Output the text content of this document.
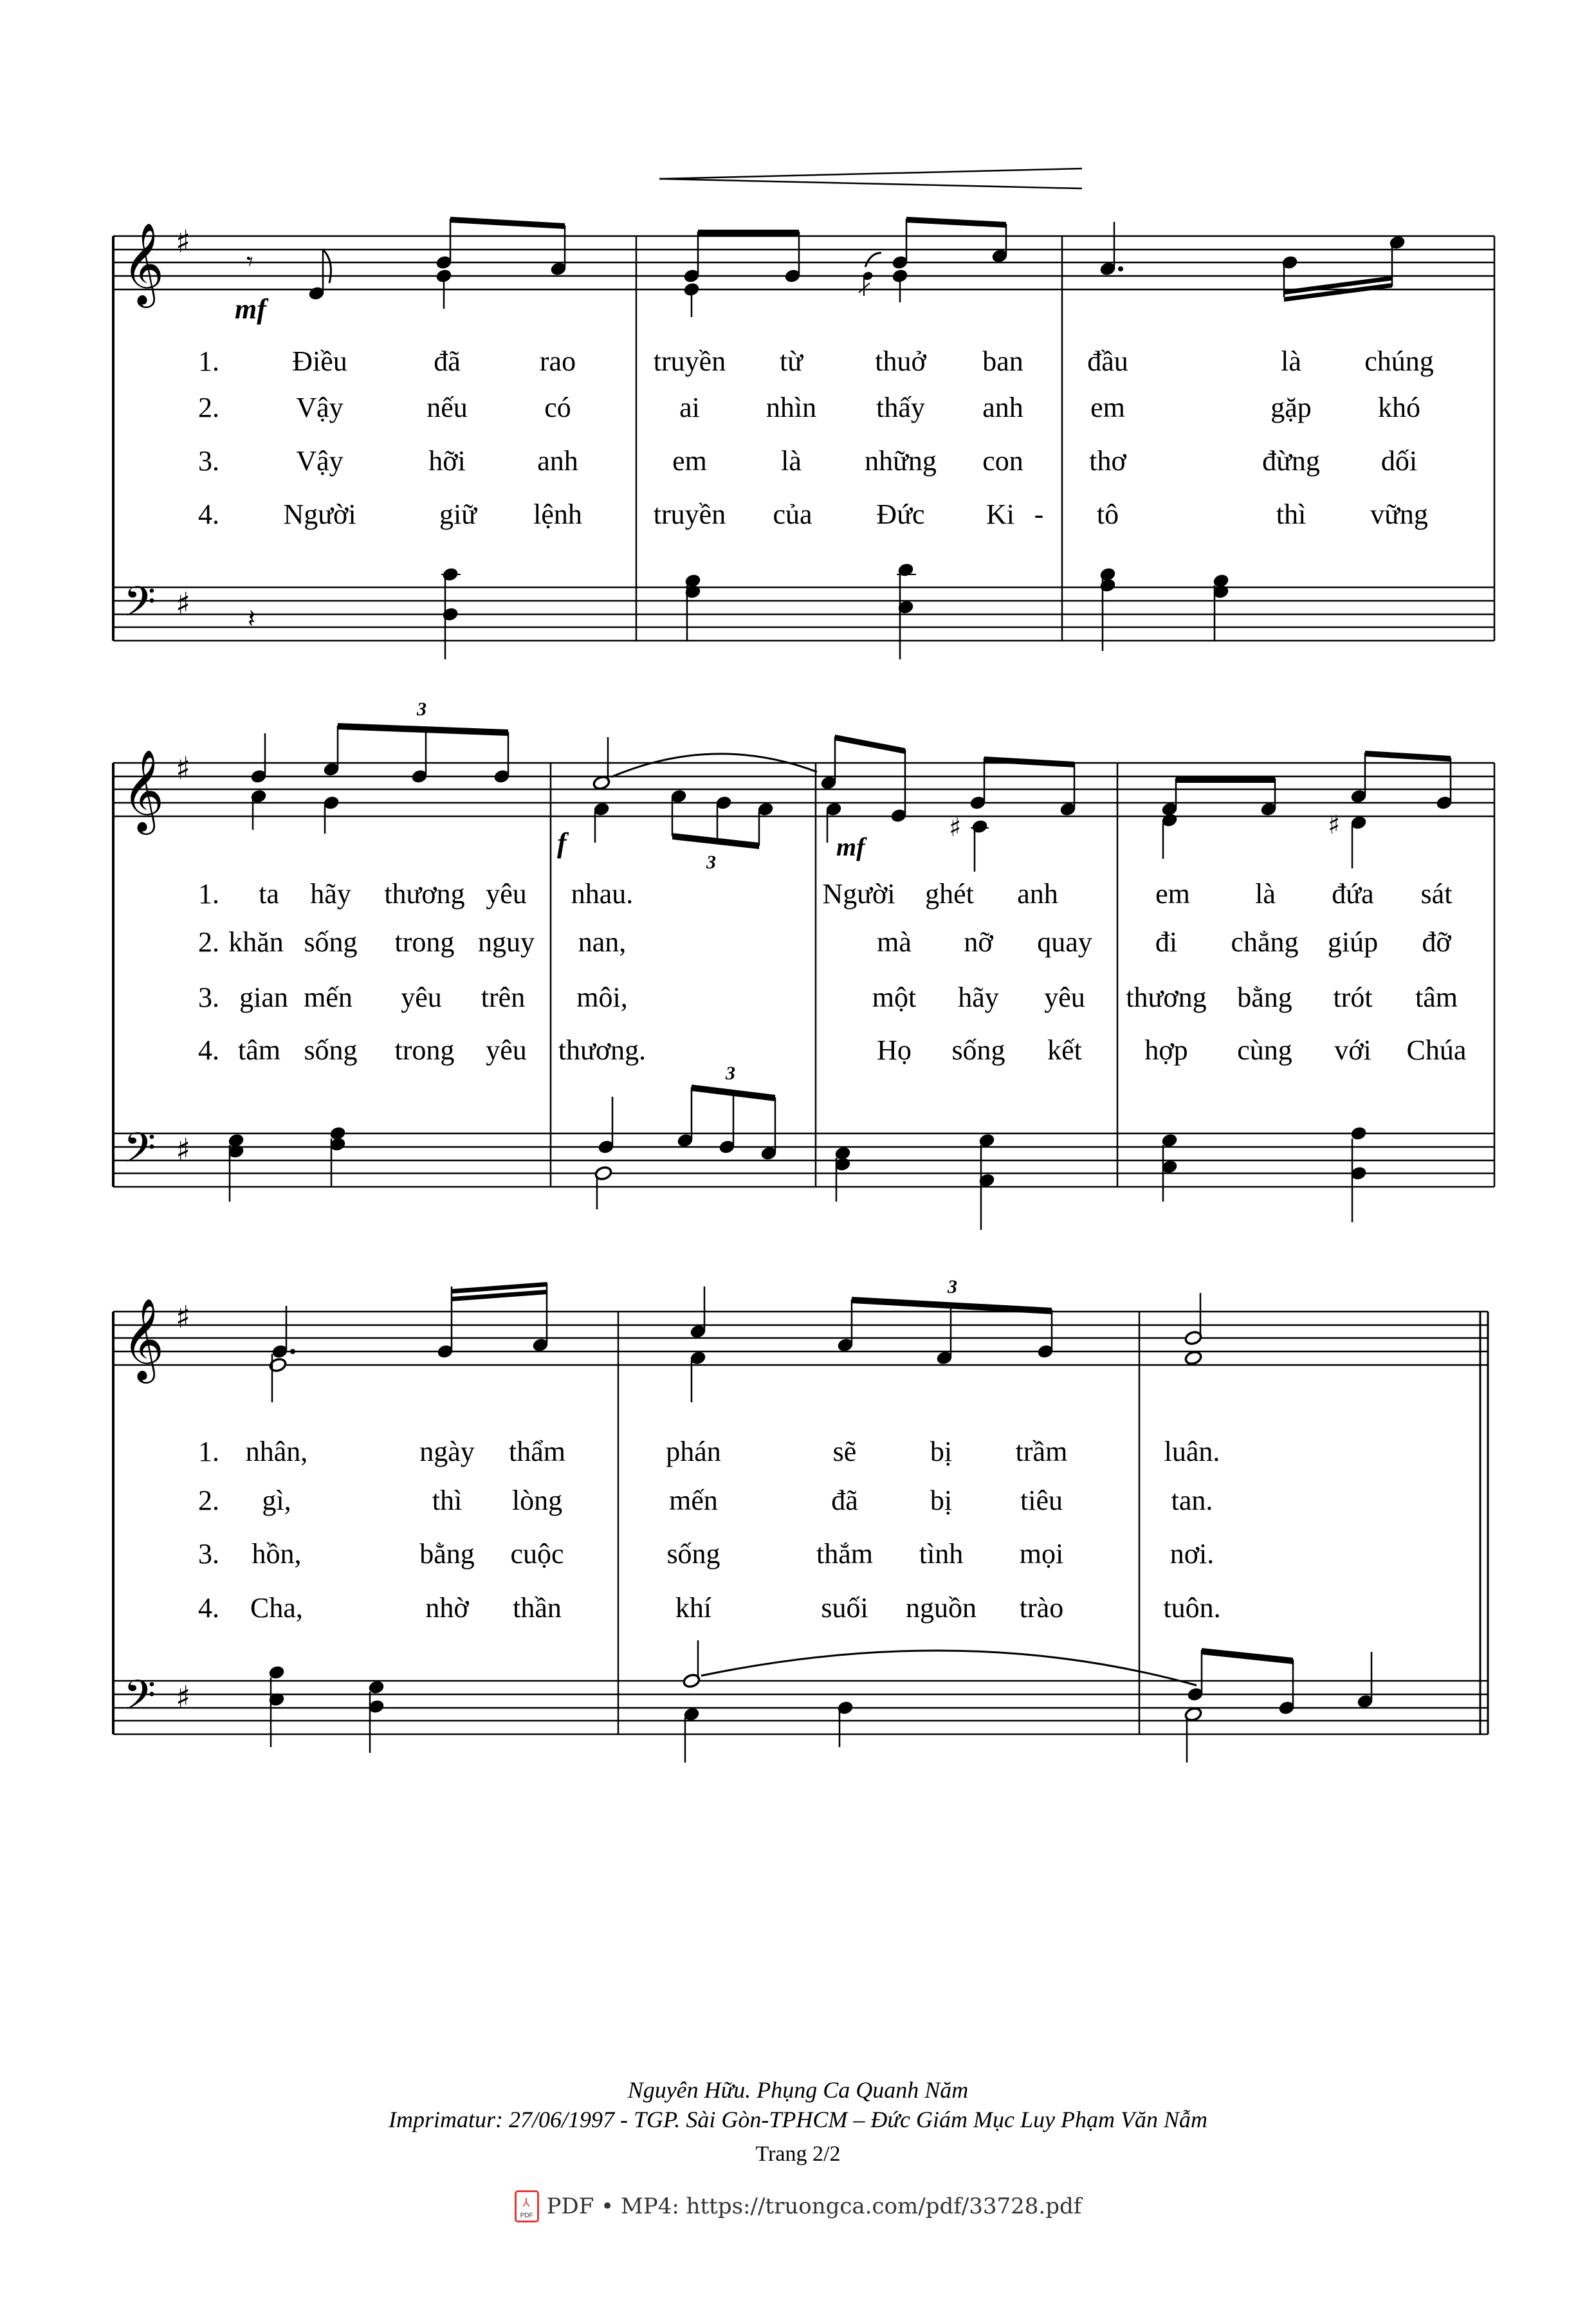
𝄞
𝄢
𝄞
𝄢
𝄞
𝄢
♯
♯
♯
♯
♯
♯
𝄾
mf
𝄽
3
3
f	mf
♯	♯
3
3
1.	Điều	đã	rao	truyền từ	thuở ban đầu	là chúng
2.	Vậy	nếu	có	ai nhìn thấy anh em	gặp khó
3.	Vậy	hỡi	anh	em	là những con thơ	đừng dối
4. Người	giữ lệnh	truyền của Đức Ki - tô	thì vững
1. ta hãy thương yêu nhau.	Người ghét anh	em là đứa sát
2. khăn sống trong nguy nan,	mà nỡ quay đi chẳng giúp đỡ
3. gian mến yêu trên môi,	một hãy yêu thương bằng trót tâm
4. tâm sống trong yêu thương.	Họ sống kết hợp cùng với Chúa
1. nhân,	ngày thẩm	phán	sẽ	bị trầm	luân.
2. gì,	thì lòng	mến	đã	bị tiêu	tan.
3. hồn,	bằng cuộc	sống	thắm tình mọi	nơi.
4. Cha,	nhờ thần	khí	suối nguồn trào	tuôn.
Nguyên Hữu. Phụng Ca Quanh Năm
Imprimatur: 27/06/1997 - TGP. Sài Gòn-TPHCM – Đức Giám Mục Luy Phạm Văn Nẫm
Trang 2/2
⅄
PDF PDF • MP4: https://truongca.com/pdf/33728.pdf
